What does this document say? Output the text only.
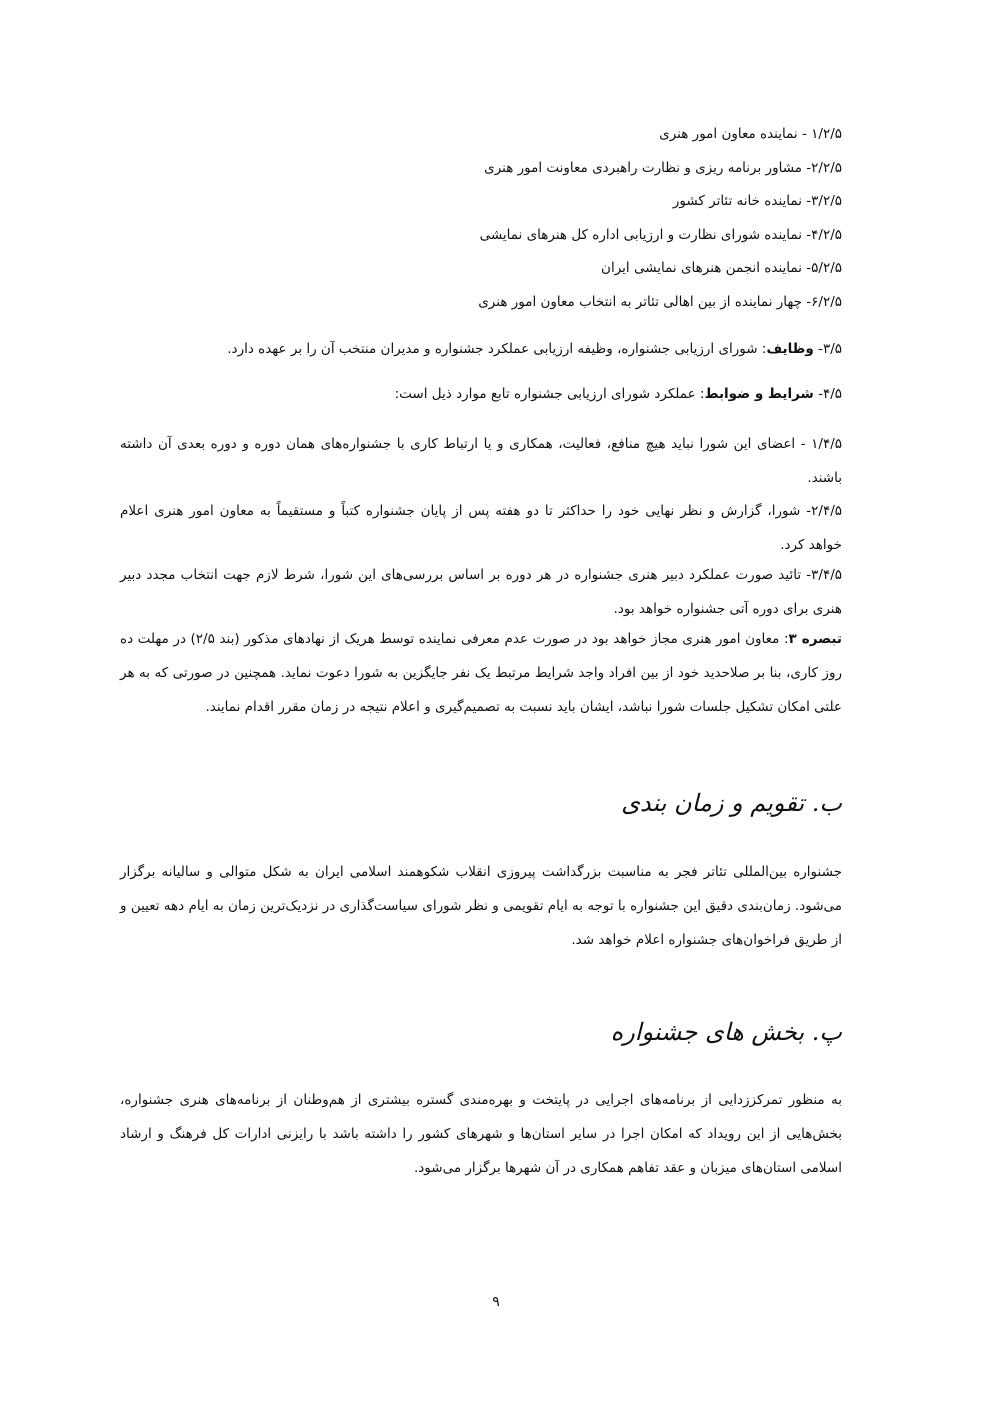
۱/۲/۵ - نماینده معاون امور هنری
۲/۲/۵- مشاور برنامه ریزی و نظارت راهبردی معاونت امور هنری
۳/۲/۵- نماینده خانه تئاتر کشور
۴/۲/۵- نماینده شورای نظارت و ارزیابی اداره کل هنرهای نمایشی
۵/۲/۵- نماینده انجمن هنرهای نمایشی ایران
۶/۲/۵- چهار نماینده از بین اهالی تئاتر به انتخاب معاون امور هنری
۳/۵- وظایف: شورای ارزیابی جشنواره، وظیفه ارزیابی عملکرد جشنواره و مدیران منتخب آن را بر عهده دارد.
۴/۵- شرایط و ضوابط: عملکرد شورای ارزیابی جشنواره تابع موارد ذیل است:
۱/۴/۵ - اعضای این شورا نباید هیچ منافع، فعالیت، همکاری و یا ارتباط کاری با جشنواره‌های همان دوره و دوره بعدی آن داشته باشند.
۲/۴/۵- شورا، گزارش و نظر نهایی خود را حداکثر تا دو هفته پس از پایان جشنواره کتباً و مستقیماً به معاون امور هنری اعلام خواهد کرد.
۳/۴/۵- تائید صورت عملکرد دبیر هنری جشنواره در هر دوره بر اساس بررسی‌های این شورا، شرط لازم جهت انتخاب مجدد دبیر هنری برای دوره آتی جشنواره خواهد بود.
تبصره ۳: معاون امور هنری مجاز خواهد بود در صورت عدم معرفی نماینده توسط هریک از نهادهای مذکور (بند ۲/۵) در مهلت ده روز کاری، بنا بر صلاحدید خود از بین افراد واجد شرایط مرتبط یک نفر جایگزین به شورا دعوت نماید. همچنین در صورتی که به هر علتی امکان تشکیل جلسات شورا نباشد، ایشان باید نسبت به تصمیم‌گیری و اعلام نتیجه در زمان مقرر اقدام نمایند.
ب. تقویم و زمان بندی
جشنواره بین‌المللی تئاتر فجر به مناسبت بزرگداشت پیروزی انقلاب شکوهمند اسلامی ایران به شکل متوالی و سالیانه برگزار می‌شود. زمان‌بندی دقیق این جشنواره با توجه به ایام تقویمی و نظر شورای سیاست‌گذاری در نزدیک‌ترین زمان به ایام دهه تعیین و از طریق فراخوان‌های جشنواره اعلام خواهد شد.
پ. بخش های جشنواره
به منظور تمرکززدایی از برنامه‌های اجرایی در پایتخت و بهره‌مندی گستره بیشتری از هم‌وطنان از برنامه‌های هنری جشنواره، بخش‌هایی از این رویداد که امکان اجرا در سایر استان‌ها و شهرهای کشور را داشته باشد با رایزنی ادارات کل فرهنگ و ارشاد اسلامی استان‌های میزبان و عقد تفاهم همکاری در آن شهرها برگزار می‌شود.
۹
